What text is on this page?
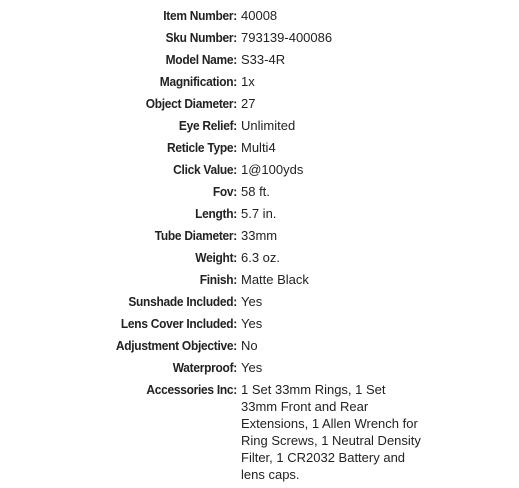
Item Number: 40008
Sku Number: 793139-400086
Model Name: S33-4R
Magnification: 1x
Object Diameter: 27
Eye Relief: Unlimited
Reticle Type: Multi4
Click Value: 1@100yds
Fov: 58 ft.
Length: 5.7 in.
Tube Diameter: 33mm
Weight: 6.3 oz.
Finish: Matte Black
Sunshade Included: Yes
Lens Cover Included: Yes
Adjustment Objective: No
Waterproof: Yes
Accessories Inc: 1 Set 33mm Rings, 1 Set 33mm Front and Rear Extensions, 1 Allen Wrench for Ring Screws, 1 Neutral Density Filter, 1 CR2032 Battery and lens caps.
